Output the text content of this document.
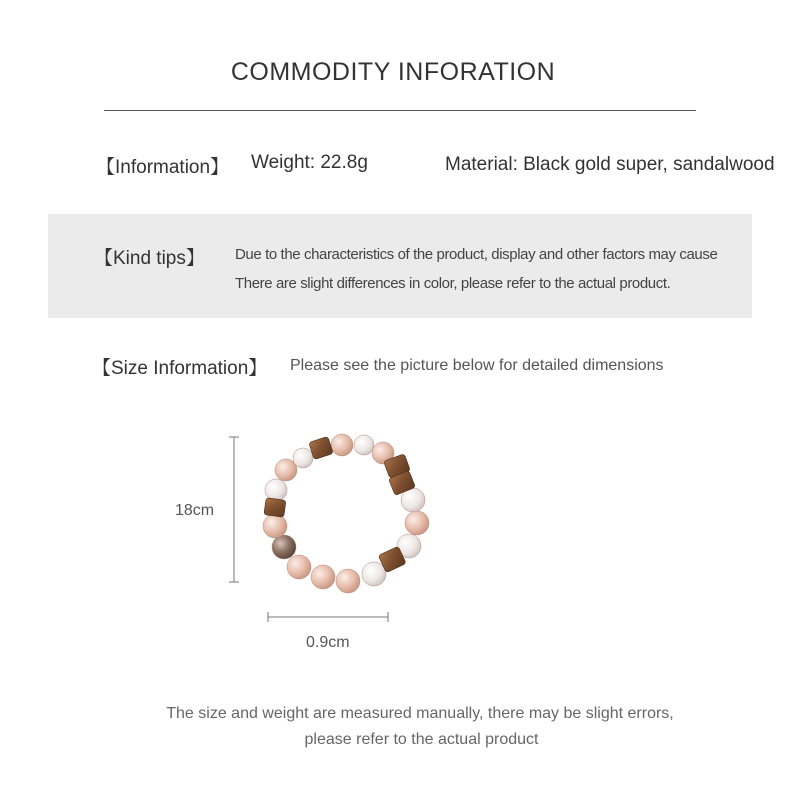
COMMODITY INFORATION
【Information】 Weight: 22.8g	Material: Black gold super, sandalwood
【Kind tips】 Due to the characteristics of the product, display and other factors may cause
There are slight differences in color, please refer to the actual product.
【Size Information】 Please see the picture below for detailed dimensions
18cm
0.9cm
The size and weight are measured manually, there may be slight errors,
please refer to the actual product
